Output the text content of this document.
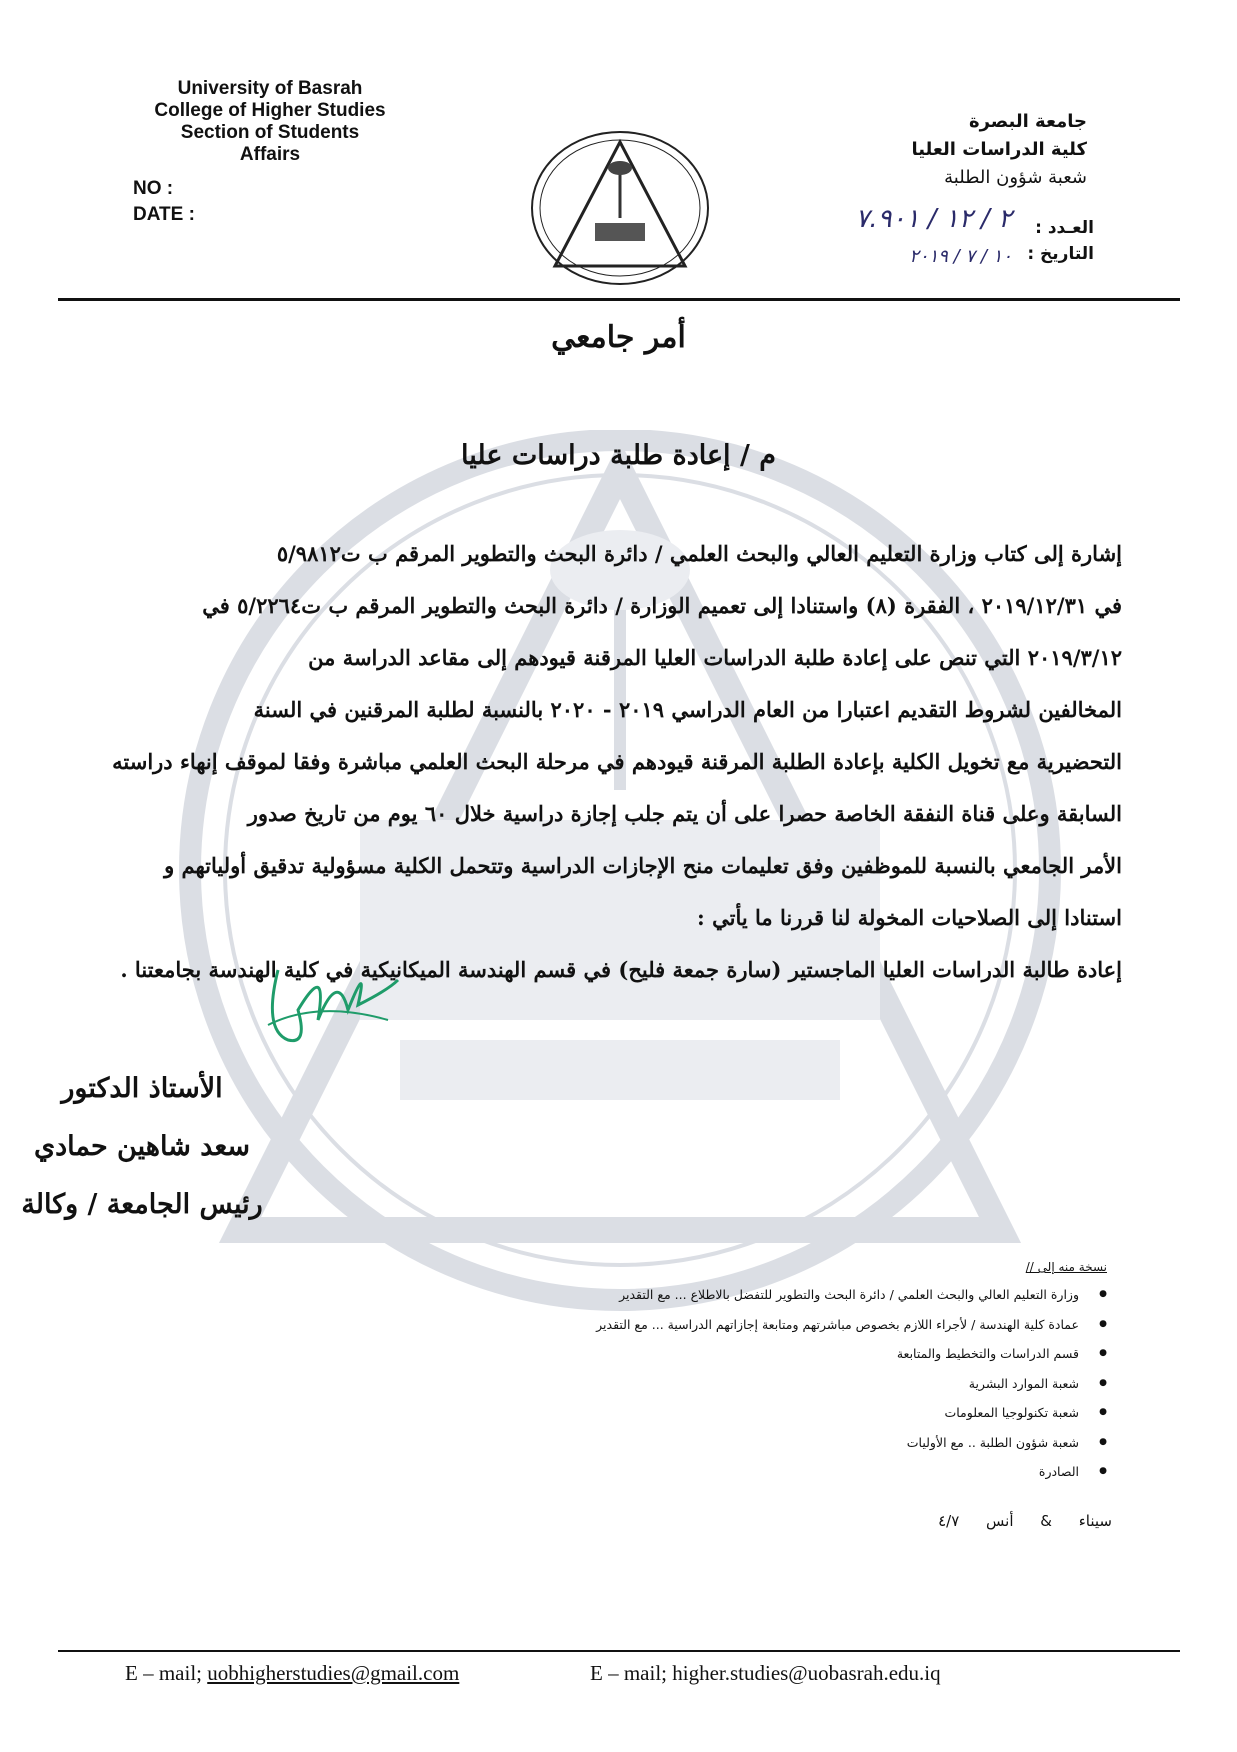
University of Basrah
College of Higher Studies
Section of Students
Affairs
NO :
DATE :
جامعة البصرة
كلية الدراسات العليا
شعبة شؤون الطلبة
العـدد :
التاريخ :
٢ / ١٢ / ٧.٩٠١
١٠ / ٧ / ٢٠١٩
أمر جامعي
م / إعادة طلبة دراسات عليا

إشارة إلى كتاب وزارة التعليم العالي والبحث العلمي / دائرة البحث والتطوير المرقم ب ت٥/٩٨١٢

في ٢٠١٩/١٢/٣١ ، الفقرة (٨) واستنادا إلى تعميم الوزارة / دائرة البحث والتطوير المرقم ب ت٥/٢٢٦٤ في

٢٠١٩/٣/١٢ التي تنص على إعادة طلبة الدراسات العليا المرقنة قيودهم إلى مقاعد الدراسة من

المخالفين لشروط التقديم اعتبارا من العام الدراسي ٢٠١٩ - ٢٠٢٠ بالنسبة لطلبة المرقنين في السنة

التحضيرية مع تخويل الكلية بإعادة الطلبة المرقنة قيودهم في مرحلة البحث العلمي مباشرة وفقا لموقف إنهاء دراسته

السابقة وعلى قناة النفقة الخاصة حصرا على أن يتم جلب إجازة دراسية خلال ٦٠ يوم من تاريخ صدور

الأمر الجامعي بالنسبة للموظفين وفق تعليمات منح الإجازات الدراسية وتتحمل الكلية مسؤولية تدقيق أولياتهم و

استنادا إلى الصلاحيات المخولة لنا قررنا ما يأتي :

إعادة طالبة الدراسات العليا الماجستير (سارة جمعة فليح) في قسم الهندسة الميكانيكية في كلية الهندسة بجامعتنا .

الأستاذ الدكتور
سعد شاهين حمادي
رئيس الجامعة / وكالة
نسخة منه إلى //
● وزارة التعليم العالي والبحث العلمي / دائرة البحث والتطوير للتفضل بالاطلاع ... مع التقدير
● عمادة كلية الهندسة / لأجراء اللازم بخصوص مباشرتهم ومتابعة إجازاتهم الدراسية ... مع التقدير
● قسم الدراسات والتخطيط والمتابعة
● شعبة الموارد البشرية
● شعبة تكنولوجيا المعلومات
● شعبة شؤون الطلبة .. مع الأوليات
● الصادرة
سيناء & أنس ٤/٧
E – mail; uobhigherstudies@gmail.com	E – mail; higher.studies@uobasrah.edu.iq
